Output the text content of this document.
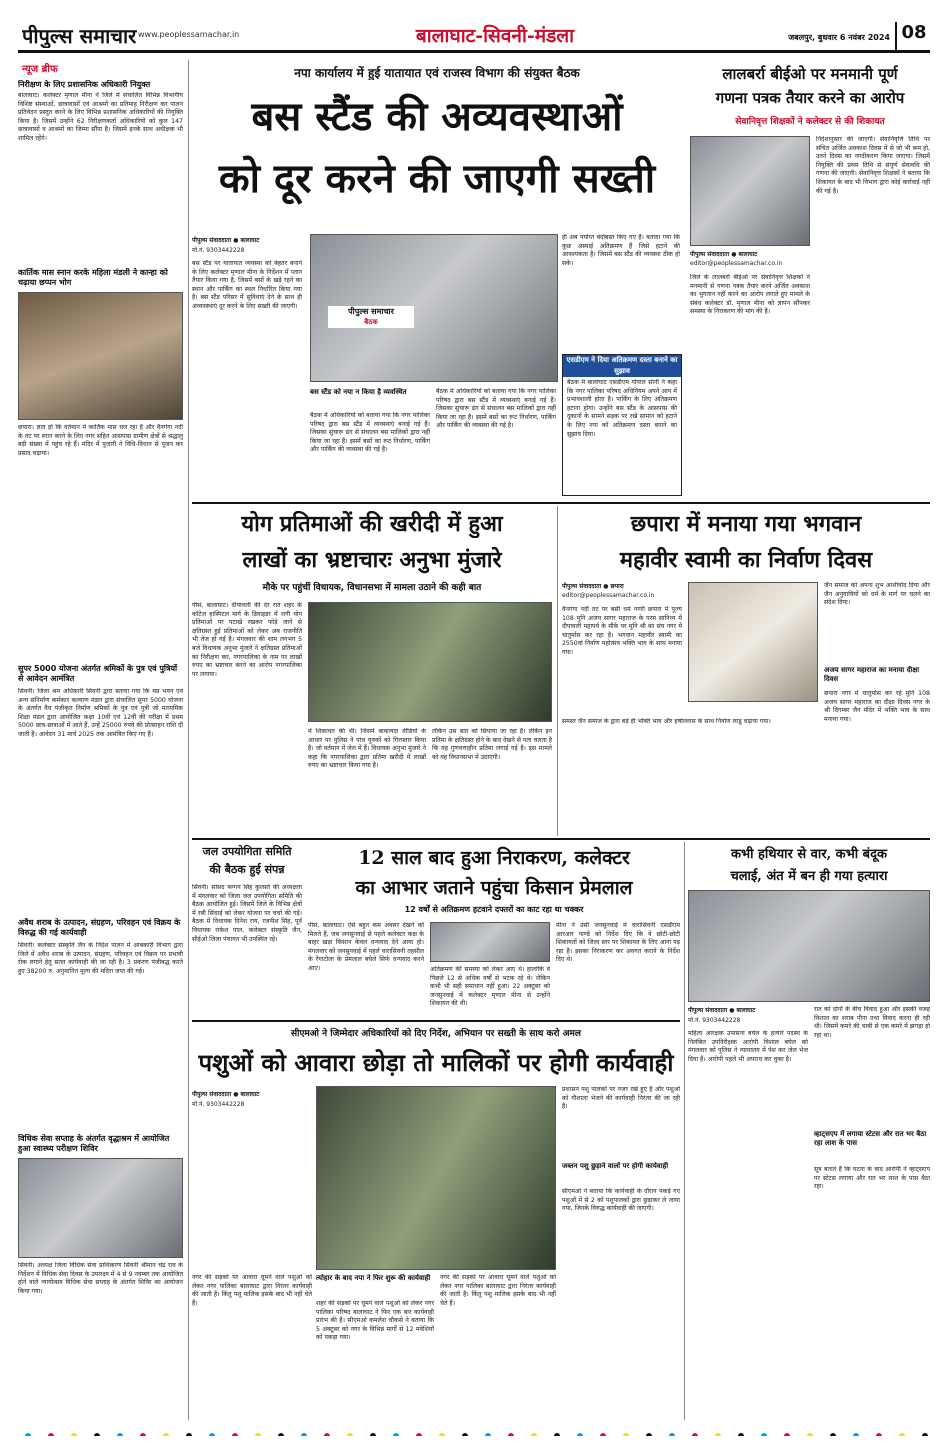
पीपुल्स समाचार www.peoplessamachar.in	बालाघाट-सिवनी-मंडला	जबलपुर, बुधवार 6 नवंबर 2024 08
न्यूज ब्रीफ
निरीक्षण के लिए प्रशासनिक अधिकारी नियुक्त
बालाघाट। कलेक्टर मृणाल मीना ने जिले में संचालित विभिन्न विभागीय विशिष्ट संस्थाओं, छात्रावासों एवं आश्रमों का प्रतिमाह निरीक्षण कर पालन प्रतिवेदन प्रस्तुत करने के लिए विभिन्न प्रशासनिक अधिकारियों की नियुक्ति किया है। जिसमें उन्होंने 62 निरीक्षणकर्ता अधिकारियों को कुल 147 छात्रावासों व आश्रमों का जिम्मा सौंपा है। जिसमें इनके साथ अधीक्षक भी शामिल रहेंगे।
कार्तिक मास स्नान करके महिला मंडली ने कान्हा को चढ़ाया छप्पन भोग
छपारा। ज्ञात हो कि वर्तमान में कार्तिक मास चल रहा है और वैनगंगा नदी के तट पर स्नान करने के लिए नगर सहित आसपास ग्रामीण क्षेत्रों से श्रद्धालु बड़ी संख्या में पहुंच रहे हैं। मंदिर में पुजारी ने विधि-विधान से पूजन कर प्रसाद चढ़ाया।
सुपर 5000 योजना अंतर्गत श्रमिकों के पुत्र एवं पुत्रियों से आवेदन आमंत्रित
सिवनी। जिला श्रम अधिकारी सिवनी द्वारा बताया गया कि मप्र भवन एवं अन्य संनिर्माण कर्मकार कल्याण मंडल द्वारा संचालित सुपर 5000 योजना के अंतर्गत वैध पंजीकृत निर्माण श्रमिकों के पुत्र एवं पुत्री जो माध्यमिक शिक्षा मंडल द्वारा आयोजित कक्षा 10वीं एवं 12वीं की परीक्षा में प्रथम 5000 छात्र-छात्राओं में आते हैं, उन्हें 25000 रुपये की प्रोत्साहन राशि दी जाती है। आवेदन 31 मार्च 2025 तक आमंत्रित किए गए हैं।
अवैध शराब के उत्पादन, संग्रहण, परिवहन एवं विक्रय के विरुद्ध की गई कार्यवाही
सिवनी। कलेक्टर संस्कृति जैन के निर्देश पालन में आबकारी विभाग द्वारा जिले में अवैध शराब के उत्पादन, संग्रहण, परिवहन एवं विक्रय पर प्रभावी रोक लगाने हेतु सतत कार्यवाही की जा रही है। 3 प्रकरण पंजीबद्ध करते हुए 38200 रु. अनुमानित मूल्य की मदिरा जप्त की गई।
विधिक सेवा सप्ताह के अंतर्गत वृद्धाश्रम में आयोजित हुआ स्वास्थ्य परीक्षण शिविर
सिवनी। अध्यक्ष जिला विधिक सेवा प्राधिकरण सिवनी श्रीमान चंद्र राव के निर्देशन में विधिक सेवा दिवस के उपलक्ष्य में 4 से 9 नवम्बर तक आयोजित होने वाले न्यायोत्सव विधिक सेवा सप्ताह के अंतर्गत शिविर का आयोजन किया गया।
नपा कार्यालय में हुई यातायात एवं राजस्व विभाग की संयुक्त बैठक
बस स्टैंड की अव्यवस्थाओं
को दूर करने की जाएगी सख्ती
पीपुल्स संवाददाता ● बालाघाट
मो.नं. 9303442228
बस स्टैंड पर यातायात व्यवस्था को बेहतर बनाने के लिए कलेक्टर मृणाल मीना के निर्देशन में प्लान तैयार किया गया है, जिसमें बसों के खड़े रहने का स्थान और पार्किंग का स्थल निर्धारित किया गया है। बस स्टैंड परिसर में सुविधाएं देने के साथ ही अव्यवस्थाएं दूर करने के लिए सख्ती की जाएगी।
पीपुल्स समाचार
बैठक
बस स्टैंड को नया न किया है व्यवस्थित
बैठक में अधिकारियों को बताया गया कि नगर पालिका परिषद द्वारा बस स्टैंड में व्यवस्थाएं बनाई गई हैं। जिसका सुचारू ढंग से संचालन बस मालिकों द्वारा नहीं किया जा रहा है। इसमें बसों का रूट निर्धारण, पार्किंग और पार्किंग की व्यवस्था की गई है।
बैठक में अधिकारियों को बताया गया कि नगर पालिका परिषद द्वारा बस स्टैंड में व्यवस्थाएं बनाई गई हैं। जिसका सुचारू ढंग से संचालन बस मालिकों द्वारा नहीं किया जा रहा है। इसमें बसों का रूट निर्धारण, पार्किंग और पार्किंग की व्यवस्था की गई है।
ही अब पर्याप्त बंदोबस्त किए गए हैं। बताया गया कि कुछ अस्थाई अतिक्रमण हैं जिसे हटाने की आवश्यकता है। जिसमें बस स्टैंड की व्यवस्था ठीक हो सके।
एसडीएम ने दिया अतिक्रमण दस्ता बनाने का सुझाव
बैठक में बालाघाट एसडीएम गोपाल सोनी ने कहा कि नगर पालिका परिषद अधिनियम अपने आप में प्रभावशाली होता है। पार्किंग के लिए अतिक्रमण हटाना होगा। उन्होंने बस स्टैंड के आसपास की दुकानों के सामने सड़क पर रखे सामान को हटाने के लिए नपा को अतिक्रमण दस्ता बनाने का सुझाव दिया।
लालबर्रा बीईओ पर मनमानी पूर्ण
गणना पत्रक तैयार करने का आरोप
सेवानिवृत्त शिक्षकों ने कलेक्टर से की शिकायत
पीपुल्स संवाददाता ● बालाघाट
editor@peoplessamachar.co.in
जिले के लालबर्रा बीईओ पर सेवानिवृत्त शिक्षकों ने मनमानी से गणना पत्रक तैयार करने अर्जित अवकाश का भुगतान नहीं करने का आरोप लगाते हुए मामले के संबंध कलेक्टर डॉ. मृणाल मीना को ज्ञापन सौंपकर समस्या के निराकरण की मांग की है।
निर्देशानुसार की जाएगी। सेवानिवृत्ति तिथि पर संचित अर्जित अवकाश दिवस में से जो भी कम हो, उतने दिवस का नगदीकरण किया जाएगा। जिसमें नियुक्ति की प्रथम तिथि से संपूर्ण सेवावधि की गणना की जाएगी। सेवानिवृत्त शिक्षकों ने बताया कि शिकायत के बाद भी विभाग द्वारा कोई कार्रवाई नहीं की गई है।
योग प्रतिमाओं की खरीदी में हुआ
लाखों का भ्रष्टाचारः अनुभा मुंजारे
मौके पर पहुंचीं विधायक, विधानसभा में मामला उठाने की कही बात
पीसं, बालाघाट। दीपावली की देर रात शहर के कॉटेज हास्पिटल मार्ग के डिवाइडर में लगी योग प्रतिमाओं पर पटाखे रखकर फोड़े जाने से क्षतिग्रस्त हुई प्रतिमाओं को लेकर अब राजनीति भी तेज हो गई है। मंगलवार की शाम लगभग 5 बजे विधायक अनुभा मुंजारे ने क्षतिग्रस्त प्रतिमाओं का निरीक्षण कर, नगरपालिका के नाम पर लाखों रुपए का भ्रष्टाचार करने का आरोप नगरपालिका पर लगाया।
में शिकायत की थी। जिसमें बाकायदा वीडियो के आधार पर पुलिस ने पांच युवकों को गिरफ्तार किया है। जो वर्तमान में जेल में हैं। विधायक अनुभा मुंजारे ने कहा कि नगरपालिका द्वारा प्रतिमा खरीदी में लाखों रुपए का भ्रष्टाचार किया गया है।
लेकिन उस बात को छिपाया जा रहा है। लेकिन इन प्रतिमा के क्षतिग्रस्त होने के बाद देखने से पता चलता है कि यह गुणवत्ताहीन प्रतिमा लगाई गई है। इस मामले को वह विधानसभा में उठाएंगी।
छपारा में मनाया गया भगवान
महावीर स्वामी का निर्वाण दिवस
पीपुल्स संवाददाता ● छपारा
editor@peoplessamachar.co.in
वैनगंगा नदी तट पर बसी धर्म नगरी छपारा में पूज्य 108 मुनि अजय सागर महाराज के परम सानिध्य में दीपावली महापर्व के मौके पर मुनि श्री का संघ नगर में चातुर्मास कर रहा है। भगवान महावीर स्वामी का 2550वां निर्वाण महोत्सव भक्ति भाव के साथ मनाया गया।
समस्त जैन समाज के द्वारा बड़े ही भक्ति भाव और हर्षोल्लास के साथ निर्वाण लाडू चढ़ाया गया।
जैन समाज को अपना शुभ आशीर्वाद दिया और जैन अनुयायियों को धर्म के मार्ग पर चलने का संदेश दिया।
अजय सागर महाराज का मनाया दीक्षा दिवस
छपारा नगर में चातुर्मास कर रहे मुनि 108 अजय सागर महाराज का दीक्षा दिवस नगर के श्री दिगम्बर जैन मंदिर में भक्ति भाव के साथ मनाया गया।
जल उपयोगिता समिति
की बैठक हुई संपन्न
सिवनी। सांसद फग्गन सिंह कुलस्ते की अध्यक्षता में मंगलवार को जिला जल उपयोगिता समिति की बैठक आयोजित हुई। जिसमें जिले के विभिन्न क्षेत्रों में रबी सिंचाई को लेकर योजना पर चर्चा की गई। बैठक में विधायक दिनेश राय, रजनीश सिंह, पूर्व विधायक राकेश पाल, कलेक्टर संस्कृति जैन, सीईओ जिला पंचायत भी उपस्थित रहे।
12 साल बाद हुआ निराकरण, कलेक्टर
का आभार जताने पहुंचा किसान प्रेमलाल
12 वर्षों से अतिक्रमण हटवाने दफ्तरों का काट रहा था चक्कर
पीसं, बालाघाट। ऐसे बहुत कम अवसर देखने को मिलते हैं, जब जनसुनवाई से पहले कलेक्टर कक्ष के बाहर खड़ा किसान केवल धन्यवाद देने आया हो। मंगलवार को जनसुनवाई में पहले वारासिवनी तहसील के रेंगाटोला के प्रेमलाल बघेले सिर्फ धन्यवाद करने आए।	अतिक्रमण की समस्या को लेकर आए थे। हालांकि वे पिछले 12 से अधिक वर्षों से भटक रहे थे। लेकिन कभी भी सही समाधान नहीं हुआ। 22 अक्टूबर को जनसुनवाई में कलेक्टर मृणाल मीना से उन्होंने शिकायत की थी।
मीना ने उसी जनसुनवाई में वारासिवनी एसडीएम आरआर पाण्डे को निर्देश दिए कि वे छोटी-छोटी शिकायतों को जिला स्तर पर शिकायत के लिए आना पड़ रहा है। इसका निराकरण कर अवगत कराने के निर्देश दिए थे।
कभी हथियार से वार, कभी बंदूक
चलाई, अंत में बन ही गया हत्यारा
पीपुल्स संवाददाता ● बालाघाट
मो.नं. 9303442228
महिला आरक्षक उपासना बघेल के हत्यारे पदस्थ के निलंबित उपनिरीक्षक आरोपी विशाल बघेल को मंगलवार को पुलिस ने न्यायालय में पेश कर जेल भेज दिया है। आरोपी पहले भी अपराध कर चुका है।
रात को दोनों के बीच विवाद हुआ और इसकी वजह विशाल का शराब पीना तथा विवाद करना ही रही थी। जिसमें कमरे की चाबी से एक कमरे में झगड़ा हो रहा था।
व्हाट्सएप में लगाया स्टेटस और रात भर बैठा रहा लाश के पास
सूत्र बताते हैं कि घटना के बाद आरोपी ने व्हाट्सएप पर स्टेटस लगाया और रात भर लाश के पास बैठा रहा।
सीएमओ ने जिम्मेदार अधिकारियों को दिए निर्देश, अभियान पर सख्ती के साथ करो अमल
पशुओं को आवारा छोड़ा तो मालिकों पर होगी कार्यवाही
पीपुल्स संवाददाता ● बालाघाट
मो.नं. 9303442228
नगर की सड़कों पर आवारा घूमने वाले पशुओं को लेकर नगर पालिका बालाघाट द्वारा निरंतर कार्यवाही की जाती है। किंतु पशु मालिक इसके बाद भी नहीं चेते हैं।
त्योहार के बाद नपा ने फिर शुरू की कार्यवाही
शहर की सड़कों पर घूमने वाले पशुओं को लेकर नगर पालिका परिषद बालाघाट ने फिर एक बार कार्यवाही प्रारंभ की है। सीएमओ कमलेश चौकसे ने बताया कि 5 अक्टूबर को नगर के विभिन्न मार्गों से 12 मवेशियों को पकड़ा गया।
नगर की सड़कों पर आवारा घूमने वाले पशुओं को लेकर नगर पालिका बालाघाट द्वारा निरंतर कार्यवाही की जाती है। किंतु पशु मालिक इसके बाद भी नहीं चेते हैं।
प्रशासन पशु पालकों पर नजर रखे हुए है और पशुओं को गौशाला भेजने की कार्यवाही निरंतर की जा रही है।
जब्तन पशु छुड़ाने वालों पर होगी कार्यवाही
सीएमओ ने बताया कि कार्यवाही के दौरान पकड़ें गए पशुओं में से 2 को पशुपालकों द्वारा छुड़ाकर ले जाया गया, जिनके विरुद्ध कार्यवाही की जाएगी।
